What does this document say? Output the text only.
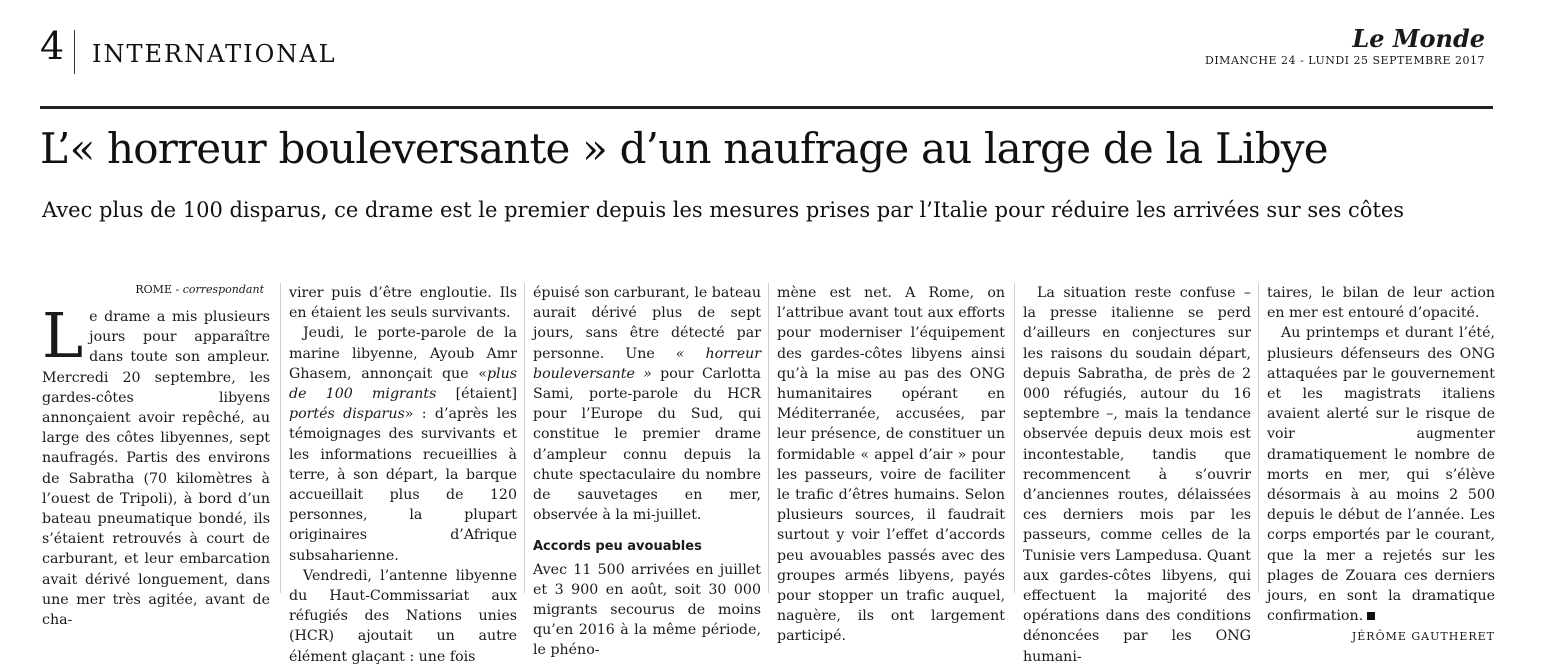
4 INTERNATIONAL
Le Monde
DIMANCHE 24 - LUNDI 25 SEPTEMBRE 2017
L’« horreur bouleversante » d’un naufrage au large de la Libye
Avec plus de 100 disparus, ce drame est le premier depuis les mesures prises par l’Italie pour réduire les arrivées sur ses côtes
ROME - correspondant

Le drame a mis plusieurs jours pour apparaître dans toute son ampleur. Mercredi 20 septembre, les gardes-côtes libyens annonçaient avoir repêché, au large des côtes libyennes, sept naufragés. Partis des environs de Sabratha (70 kilomètres à l’ouest de Tripoli), à bord d’un bateau pneumatique bondé, ils s’étaient retrouvés à court de carburant, et leur embarcation avait dérivé longuement, dans une mer très agitée, avant de cha-

virer puis d’être engloutie. Ils en étaient les seuls survivants.

Jeudi, le porte-parole de la marine libyenne, Ayoub Amr Ghasem, annonçait que «plus de 100 migrants [étaient] portés disparus» : d’après les témoignages des survivants et les informations recueillies à terre, à son départ, la barque accueillait plus de 120 personnes, la plupart originaires d’Afrique subsaharienne.

Vendredi, l’antenne libyenne du Haut-Commissariat aux réfugiés des Nations unies (HCR) ajoutait un autre élément glaçant : une fois

épuisé son carburant, le bateau aurait dérivé plus de sept jours, sans être détecté par personne. Une « horreur bouleversante » pour Carlotta Sami, porte-parole du HCR pour l’Europe du Sud, qui constitue le premier drame d’ampleur connu depuis la chute spectaculaire du nombre de sauvetages en mer, observée à la mi-juillet.

Accords peu avouables

Avec 11 500 arrivées en juillet et 3 900 en août, soit 30 000 migrants secourus de moins qu’en 2016 à la même période, le phéno-

mène est net. A Rome, on l’attribue avant tout aux efforts pour moderniser l’équipement des gardes-côtes libyens ainsi qu’à la mise au pas des ONG humanitaires opérant en Méditerranée, accusées, par leur présence, de constituer un formidable « appel d’air » pour les passeurs, voire de faciliter le trafic d’êtres humains. Selon plusieurs sources, il faudrait surtout y voir l’effet d’accords peu avouables passés avec des groupes armés libyens, payés pour stopper un trafic auquel, naguère, ils ont largement participé.

La situation reste confuse – la presse italienne se perd d’ailleurs en conjectures sur les raisons du soudain départ, depuis Sabratha, de près de 2 000 réfugiés, autour du 16 septembre –, mais la tendance observée depuis deux mois est incontestable, tandis que recommencent à s’ouvrir d’anciennes routes, délaissées ces derniers mois par les passeurs, comme celles de la Tunisie vers Lampedusa. Quant aux gardes-côtes libyens, qui effectuent la majorité des opérations dans des conditions dénoncées par les ONG humani-

taires, le bilan de leur action en mer est entouré d’opacité.

Au printemps et durant l’été, plusieurs défenseurs des ONG attaquées par le gouvernement et les magistrats italiens avaient alerté sur le risque de voir augmenter dramatiquement le nombre de morts en mer, qui s’élève désormais à au moins 2 500 depuis le début de l’année. Les corps emportés par le courant, que la mer a rejetés sur les plages de Zouara ces derniers jours, en sont la dramatique confirmation.

JÉRÔME GAUTHERET
